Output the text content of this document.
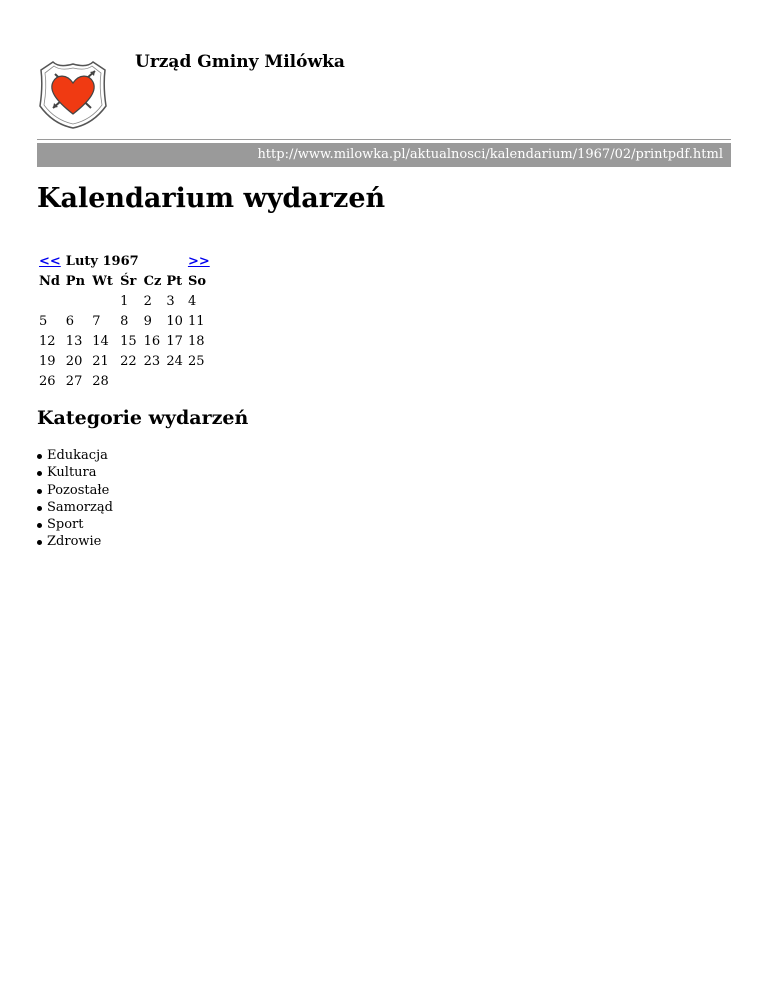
Urząd Gminy Milówka
http://www.milowka.pl/aktualnosci/kalendarium/1967/02/printpdf.html
Kalendarium wydarzeń
<<	Luty 1967					>>
Nd	Pn	Wt	Śr	Cz	Pt	So
			1	2	3	4
5	6	7	8	9	10	11
12	13	14	15	16	17	18
19	20	21	22	23	24	25
26	27	28				
Kategorie wydarzeń
Edukacja
Kultura
Pozostałe
Samorząd
Sport
Zdrowie
